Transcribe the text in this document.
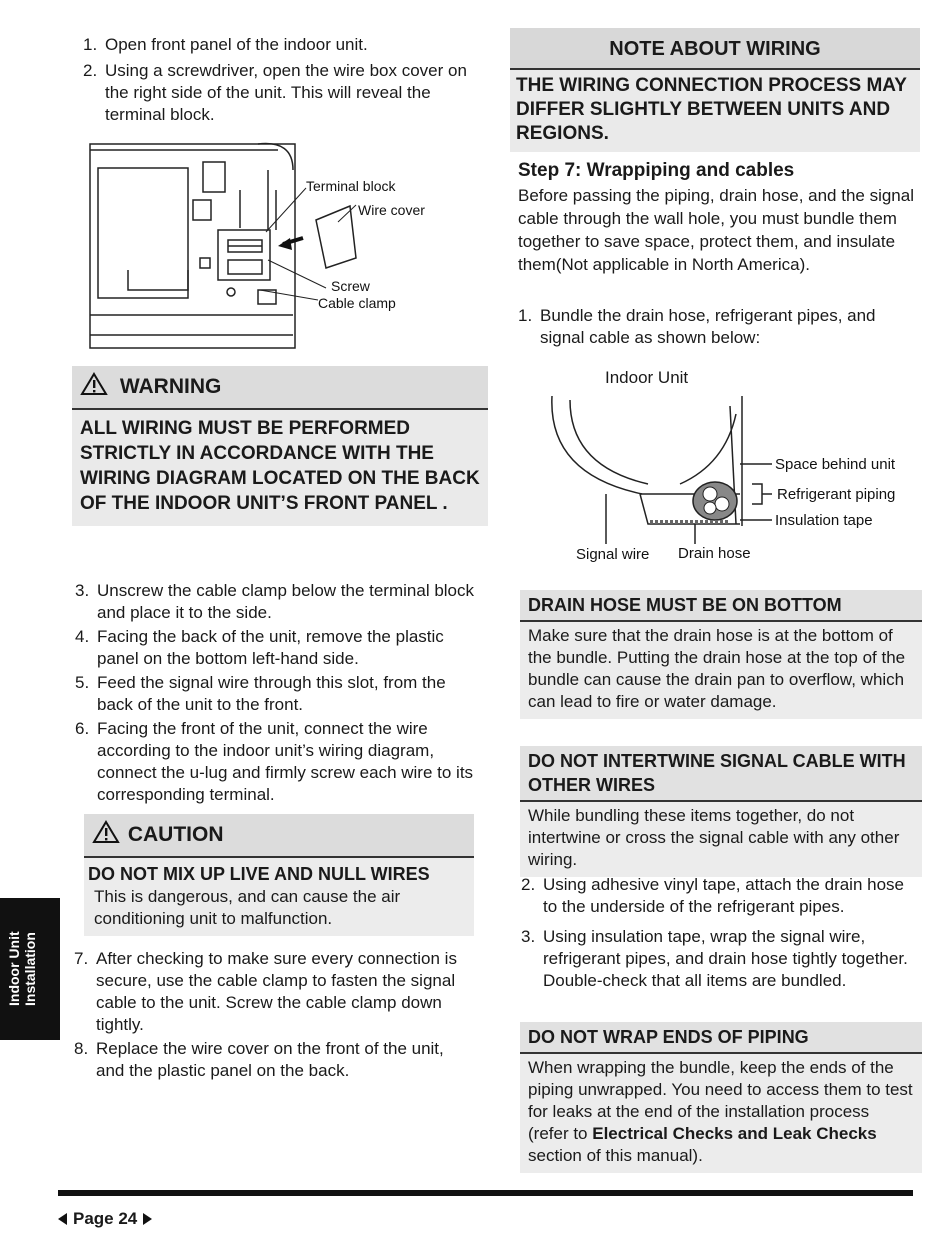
1. Open front panel of the indoor unit.
2. Using a screwdriver, open the wire box cover on the right side of the unit. This will reveal the terminal block.
Terminal block
Wire cover
Screw
Cable clamp
WARNING
ALL WIRING MUST BE PERFORMED STRICTLY IN ACCORDANCE WITH THE WIRING DIAGRAM LOCATED ON THE BACK OF THE INDOOR UNIT’S FRONT PANEL .
3. Unscrew the cable clamp below the terminal block and place it to the side.
4. Facing the back of the unit, remove the plastic panel on the bottom left-hand side.
5. Feed the signal wire through this slot, from the back of the unit to the front.
6. Facing the front of the unit, connect the wire according to the indoor unit’s wiring diagram, connect the u-lug and firmly screw each wire to its corresponding terminal.
CAUTION
DO NOT MIX UP LIVE AND NULL WIRES
This is dangerous, and can cause the air conditioning unit to malfunction.
7. After checking to make sure every connection is secure, use the cable clamp to fasten the signal cable to the unit. Screw the cable clamp down tightly.
8. Replace the wire cover on the front of the unit, and the plastic panel on the back.
Indoor Unit Installation
NOTE ABOUT WIRING
THE WIRING CONNECTION PROCESS MAY DIFFER SLIGHTLY BETWEEN UNITS AND REGIONS.
Step 7: Wrappiping and cables
Before passing the piping, drain hose, and the signal cable through the wall hole, you must bundle them together to save space, protect them, and insulate them(Not applicable in North America).
1. Bundle the drain hose, refrigerant pipes, and signal cable as shown below:
Indoor Unit
Space behind unit
Refrigerant piping
Insulation tape
Signal wire Drain hose
DRAIN HOSE MUST BE ON BOTTOM
Make sure that the drain hose is at the bottom of the bundle. Putting the drain hose at the top of the bundle can cause the drain pan to overflow, which can lead to fire or water damage.
DO NOT INTERTWINE SIGNAL CABLE WITH OTHER WIRES
While bundling these items together, do not intertwine or cross the signal cable with any other wiring.
2. Using adhesive vinyl tape, attach the drain hose to the underside of the refrigerant pipes.
3. Using insulation tape, wrap the signal wire, refrigerant pipes, and drain hose tightly together. Double-check that all items are bundled.
DO NOT WRAP ENDS OF PIPING
When wrapping the bundle, keep the ends of the piping unwrapped. You need to access them to test for leaks at the end of the installation process (refer to Electrical Checks and Leak Checks section of this manual).
Page 24
